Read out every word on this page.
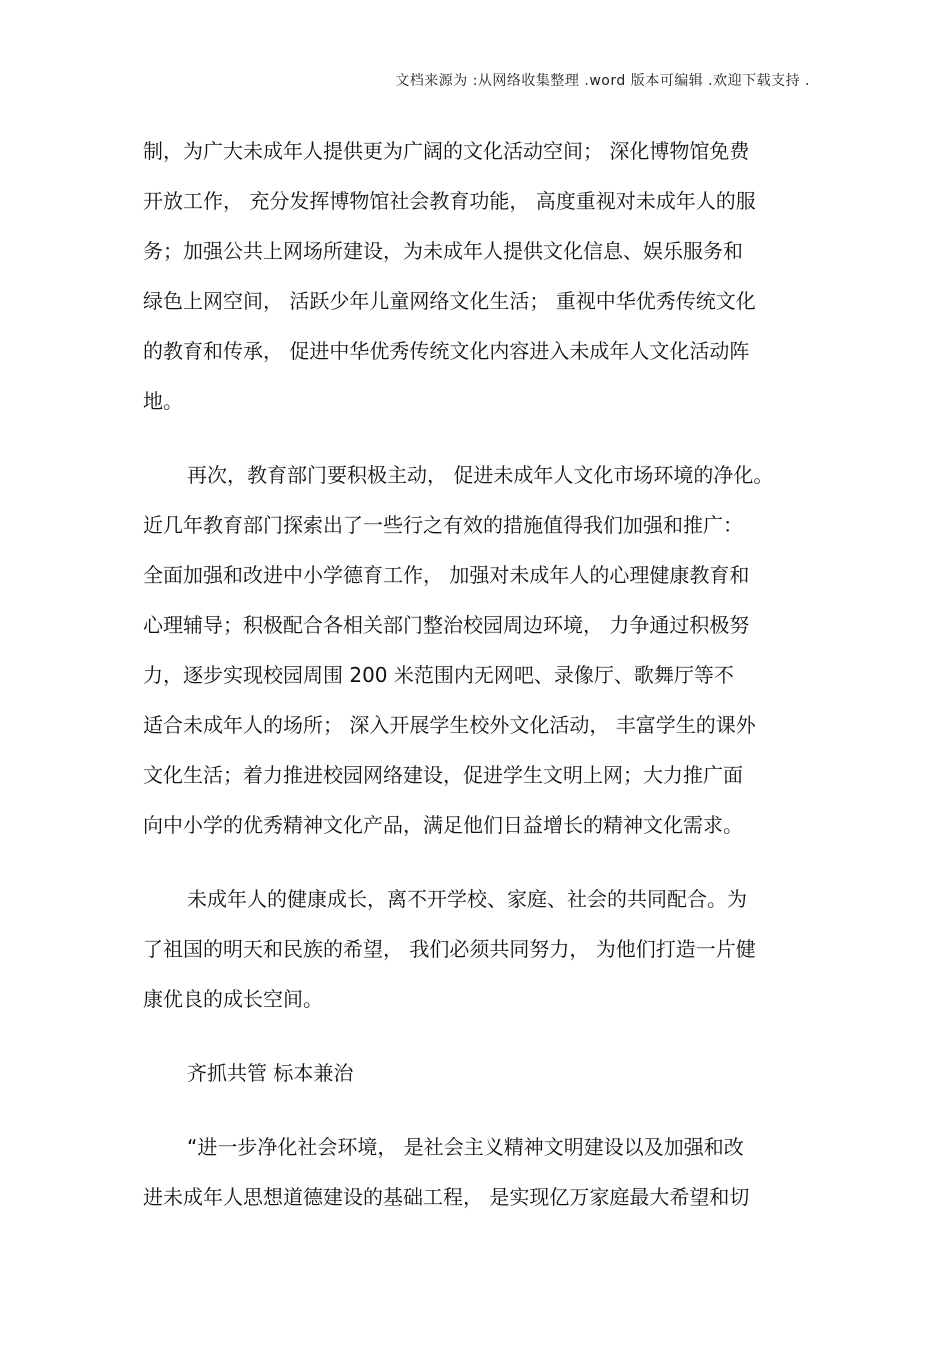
文档来源为 :从网络收集整理 .word 版本可编辑 .欢迎下载支持 .
制，为广大未成年人提供更为广阔的文化活动空间； 深化博物馆免费
开放工作， 充分发挥博物馆社会教育功能， 高度重视对未成年人的服
务；加强公共上网场所建设，为未成年人提供文化信息、娱乐服务和
绿色上网空间， 活跃少年儿童网络文化生活； 重视中华优秀传统文化
的教育和传承， 促进中华优秀传统文化内容进入未成年人文化活动阵
地。
再次，教育部门要积极主动， 促进未成年人文化市场环境的净化。
近几年教育部门探索出了一些行之有效的措施值得我们加强和推广：
全面加强和改进中小学德育工作， 加强对未成年人的心理健康教育和
心理辅导；积极配合各相关部门整治校园周边环境， 力争通过积极努
力，逐步实现校园周围 200 米范围内无网吧、录像厅、歌舞厅等不
适合未成年人的场所； 深入开展学生校外文化活动， 丰富学生的课外
文化生活；着力推进校园网络建设，促进学生文明上网；大力推广面
向中小学的优秀精神文化产品，满足他们日益增长的精神文化需求。
未成年人的健康成长，离不开学校、家庭、社会的共同配合。为
了祖国的明天和民族的希望， 我们必须共同努力， 为他们打造一片健
康优良的成长空间。
齐抓共管 标本兼治
“进一步净化社会环境， 是社会主义精神文明建设以及加强和改
进未成年人思想道德建设的基础工程， 是实现亿万家庭最大希望和切
